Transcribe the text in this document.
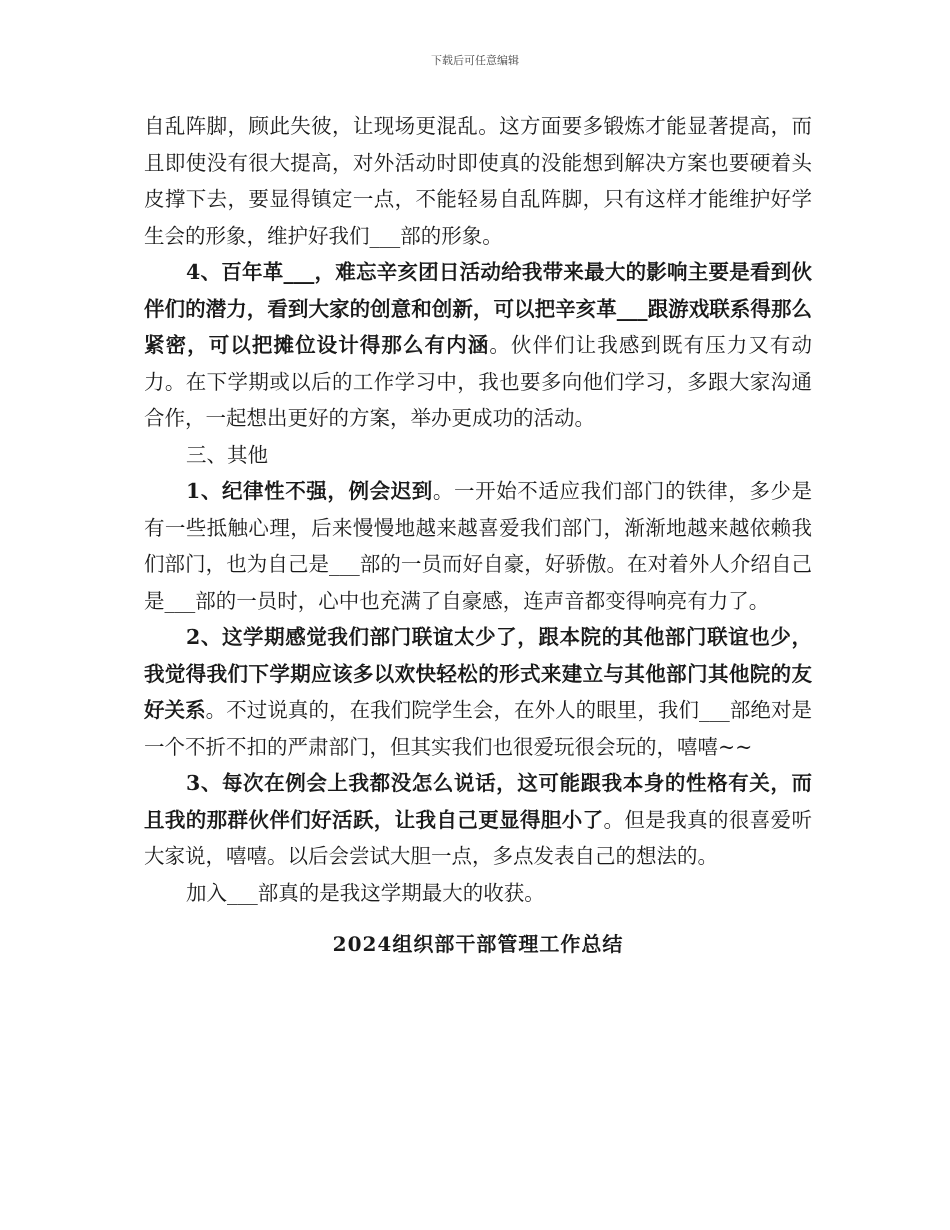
下载后可任意编辑

自乱阵脚，顾此失彼，让现场更混乱。这方面要多锻炼才能显著提高，而且即使没有很大提高，对外活动时即使真的没能想到解决方案也要硬着头皮撑下去，要显得镇定一点，不能轻易自乱阵脚，只有这样才能维护好学生会的形象，维护好我们___部的形象。

4、百年革___，难忘辛亥团日活动给我带来最大的影响主要是看到伙伴们的潜力，看到大家的创意和创新，可以把辛亥革___跟游戏联系得那么紧密，可以把摊位设计得那么有内涵。伙伴们让我感到既有压力又有动力。在下学期或以后的工作学习中，我也要多向他们学习，多跟大家沟通合作，一起想出更好的方案，举办更成功的活动。

三、其他

1、纪律性不强，例会迟到。一开始不适应我们部门的铁律，多少是有一些抵触心理，后来慢慢地越来越喜爱我们部门，渐渐地越来越依赖我们部门，也为自己是___部的一员而好自豪，好骄傲。在对着外人介绍自己是___部的一员时，心中也充满了自豪感，连声音都变得响亮有力了。

2、这学期感觉我们部门联谊太少了，跟本院的其他部门联谊也少，我觉得我们下学期应该多以欢快轻松的形式来建立与其他部门其他院的友好关系。不过说真的，在我们院学生会，在外人的眼里，我们___部绝对是一个不折不扣的严肃部门，但其实我们也很爱玩很会玩的，嘻嘻~~

3、每次在例会上我都没怎么说话，这可能跟我本身的性格有关，而且我的那群伙伴们好活跃，让我自己更显得胆小了。但是我真的很喜爱听大家说，嘻嘻。以后会尝试大胆一点，多点发表自己的想法的。

加入___部真的是我这学期最大的收获。

2024组织部干部管理工作总结
